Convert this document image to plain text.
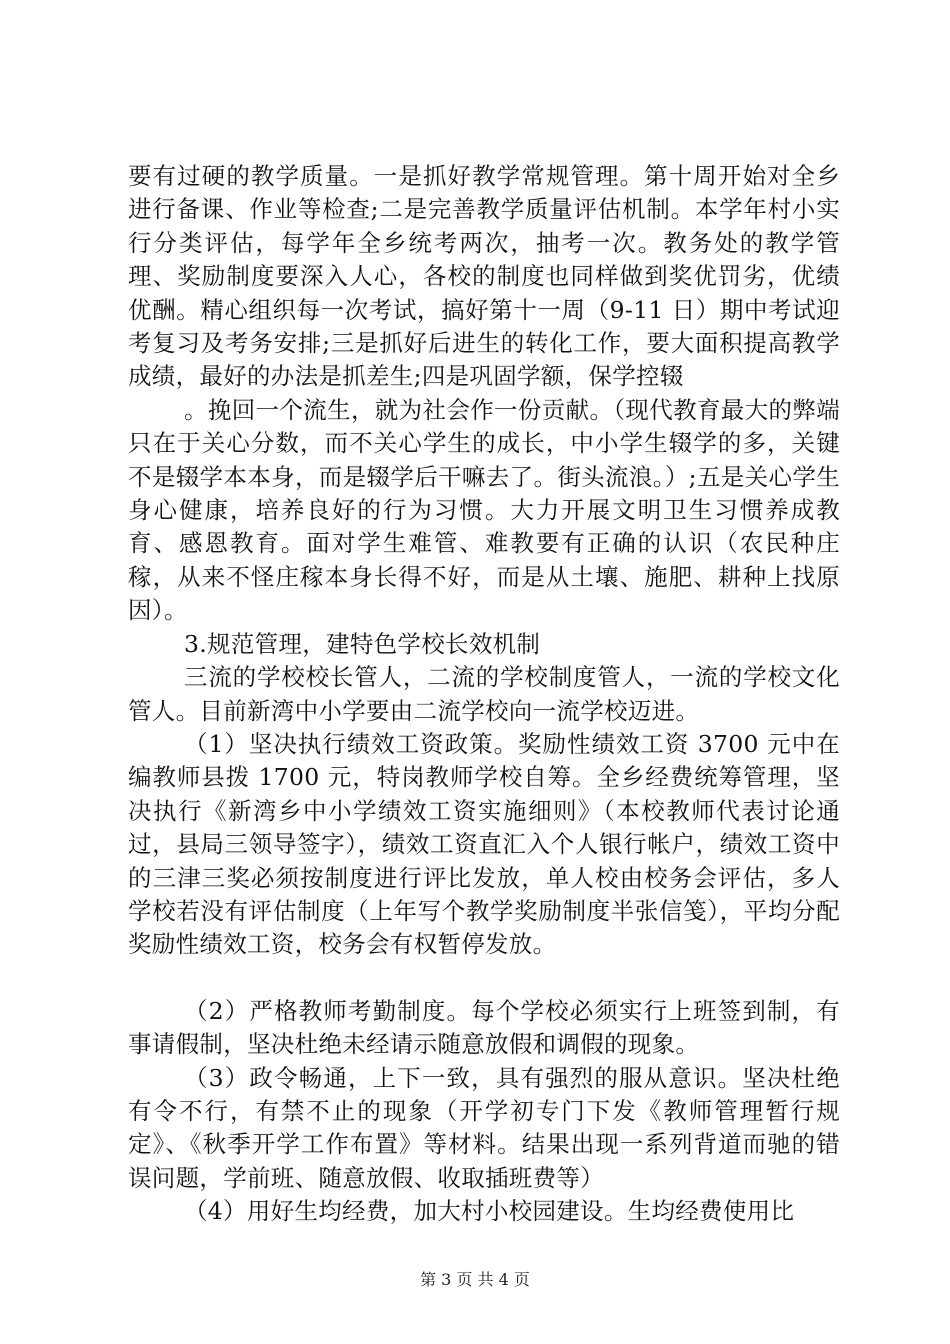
要有过硬的教学质量。一是抓好教学常规管理。第十周开始对全乡进行备课、作业等检查;二是完善教学质量评估机制。本学年村小实行分类评估，每学年全乡统考两次，抽考一次。教务处的教学管理、奖励制度要深入人心，各校的制度也同样做到奖优罚劣，优绩优酬。精心组织每一次考试，搞好第十一周（9-11 日）期中考试迎考复习及考务安排;三是抓好后进生的转化工作，要大面积提高教学成绩，最好的办法是抓差生;四是巩固学额，保学控辍

。挽回一个流生，就为社会作一份贡献。（现代教育最大的弊端只在于关心分数，而不关心学生的成长，中小学生辍学的多，关键不是辍学本本身，而是辍学后干嘛去了。街头流浪。）;五是关心学生身心健康，培养良好的行为习惯。大力开展文明卫生习惯养成教育、感恩教育。面对学生难管、难教要有正确的认识（农民种庄稼，从来不怪庄稼本身长得不好，而是从土壤、施肥、耕种上找原因）。

3.规范管理，建特色学校长效机制

三流的学校校长管人，二流的学校制度管人，一流的学校文化管人。目前新湾中小学要由二流学校向一流学校迈进。

（1）坚决执行绩效工资政策。奖励性绩效工资 3700 元中在编教师县拨 1700 元，特岗教师学校自筹。全乡经费统筹管理，坚决执行《新湾乡中小学绩效工资实施细则》（本校教师代表讨论通过，县局三领导签字），绩效工资直汇入个人银行帐户，绩效工资中的三津三奖必须按制度进行评比发放，单人校由校务会评估，多人学校若没有评估制度（上年写个教学奖励制度半张信笺），平均分配奖励性绩效工资，校务会有权暂停发放。

（2）严格教师考勤制度。每个学校必须实行上班签到制，有事请假制，坚决杜绝未经请示随意放假和调假的现象。

（3）政令畅通，上下一致，具有强烈的服从意识。坚决杜绝有令不行，有禁不止的现象（开学初专门下发《教师管理暂行规定》、《秋季开学工作布置》等材料。结果出现一系列背道而驰的错误问题，学前班、随意放假、收取插班费等）

（4）用好生均经费，加大村小校园建设。生均经费使用比

第 3 页 共 4 页
